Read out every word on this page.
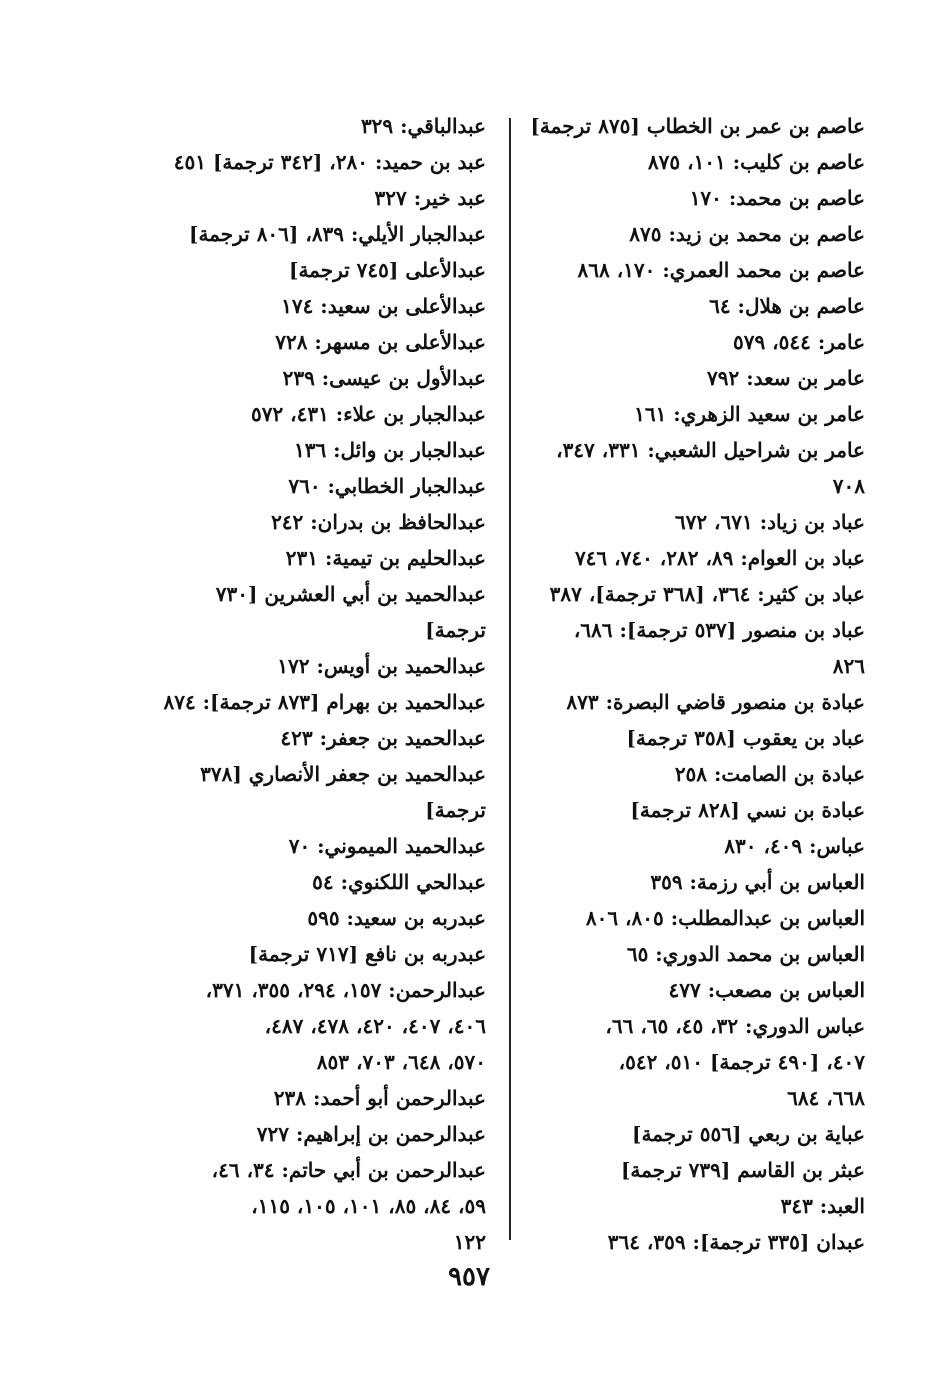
عاصم بن عمر بن الخطاب [٨٧٥ ترجمة]
عاصم بن كليب: ١٠١، ٨٧٥
عاصم بن محمد: ١٧٠
عاصم بن محمد بن زيد: ٨٧٥
عاصم بن محمد العمري: ١٧٠، ٨٦٨
عاصم بن هلال: ٦٤
عامر: ٥٤٤، ٥٧٩
عامر بن سعد: ٧٩٢
عامر بن سعيد الزهري: ١٦١
عامر بن شراحيل الشعبي: ٣٣١، ٣٤٧،
٧٠٨
عباد بن زياد: ٦٧١، ٦٧٢
عباد بن العوام: ٨٩، ٢٨٢، ٧٤٠، ٧٤٦
عباد بن كثير: ٣٦٤، [٣٦٨ ترجمة]، ٣٨٧
عباد بن منصور [٥٣٧ ترجمة]: ٦٨٦،
٨٢٦
عبادة بن منصور قاضي البصرة: ٨٧٣
عباد بن يعقوب [٣٥٨ ترجمة]
عبادة بن الصامت: ٢٥٨
عبادة بن نسي [٨٢٨ ترجمة]
عباس: ٤٠٩، ٨٣٠
العباس بن أبي رزمة: ٣٥٩
العباس بن عبدالمطلب: ٨٠٥، ٨٠٦
العباس بن محمد الدوري: ٦٥
العباس بن مصعب: ٤٧٧
عباس الدوري: ٣٢، ٤٥، ٦٥، ٦٦،
٤٠٧، [٤٩٠ ترجمة] ٥١٠، ٥٤٢،
٦٦٨، ٦٨٤
عباية بن ربعي [٥٥٦ ترجمة]
عبثر بن القاسم [٧٣٩ ترجمة]
العبد: ٣٤٣
عبدان [٣٣٥ ترجمة]: ٣٥٩، ٣٦٤
عبدالباقي: ٣٢٩
عبد بن حميد: ٢٨٠، [٣٤٢ ترجمة] ٤٥١
عبد خير: ٣٢٧
عبدالجبار الأيلي: ٨٣٩، [٨٠٦ ترجمة]
عبدالأعلى [٧٤٥ ترجمة]
عبدالأعلى بن سعيد: ١٧٤
عبدالأعلى بن مسهر: ٧٢٨
عبدالأول بن عيسى: ٢٣٩
عبدالجبار بن علاء: ٤٣١، ٥٧٢
عبدالجبار بن وائل: ١٣٦
عبدالجبار الخطابي: ٧٦٠
عبدالحافظ بن بدران: ٢٤٢
عبدالحليم بن تيمية: ٢٣١
عبدالحميد بن أبي العشرين [٧٣٠ ترجمة]
عبدالحميد بن أويس: ١٧٢
عبدالحميد بن بهرام [٨٧٣ ترجمة]: ٨٧٤
عبدالحميد بن جعفر: ٤٢٣
عبدالحميد بن جعفر الأنصاري [٣٧٨
ترجمة]
عبدالحميد الميموني: ٧٠
عبدالحي اللكنوي: ٥٤
عبدربه بن سعيد: ٥٩٥
عبدربه بن نافع [٧١٧ ترجمة]
عبدالرحمن: ١٥٧، ٢٩٤، ٣٥٥، ٣٧١،
٤٠٦، ٤٠٧، ٤٢٠، ٤٧٨، ٤٨٧،
٥٧٠، ٦٤٨، ٧٠٣، ٨٥٣
عبدالرحمن أبو أحمد: ٢٣٨
عبدالرحمن بن إبراهيم: ٧٢٧
عبدالرحمن بن أبي حاتم: ٣٤، ٤٦،
٥٩، ٨٤، ٨٥، ١٠١، ١٠٥، ١١٥،
١٢٢
٩٥٧
